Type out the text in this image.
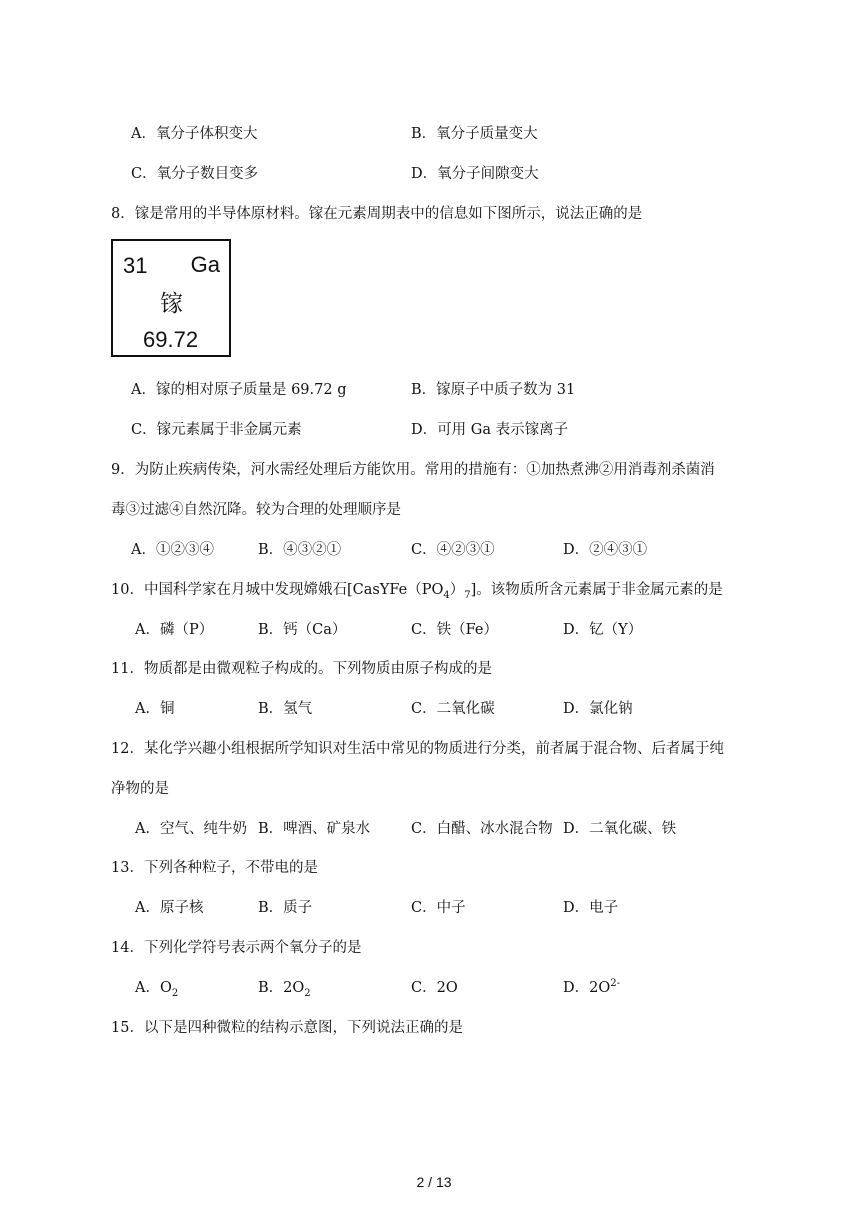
A．氧分子体积变大	B．氧分子质量变大
C．氧分子数目变多	D．氧分子间隙变大
8．镓是常用的半导体原材料。镓在元素周期表中的信息如下图所示，说法正确的是
31 Ga
镓
69.72
A．镓的相对原子质量是 69.72 g	B．镓原子中质子数为 31
C．镓元素属于非金属元素	D．可用 Ga 表示镓离子
9．为防止疾病传染，河水需经处理后方能饮用。常用的措施有：①加热煮沸②用消毒剂杀菌消
毒③过滤④自然沉降。较为合理的处理顺序是
A．①②③④	B．④③②①	C．④②③①	D．②④③①
10．中国科学家在月城中发现嫦娥石$[CasYFe(PO_4)_7]$。该物质所含元素属于非金属元素的是
A．磷（P）	B．钙（Ca）	C．铁（Fe）	D．钇（Y）
11．物质都是由微观粒子构成的。下列物质由原子构成的是
A．铜	B．氢气	C．二氧化碳	D．氯化钠
12．某化学兴趣小组根据所学知识对生活中常见的物质进行分类，前者属于混合物、后者属于纯
净物的是
A．空气、纯牛奶 B．啤酒、矿泉水	C．白醋、冰水混合物 D．二氧化碳、铁
13．下列各种粒子，不带电的是
A．原子核	B．质子	C．中子	D．电子
14．下列化学符号表示两个氧分子的是
A．$O_2$	B．$2O_2$	C．2O	D．$2O^{2-}$
15．以下是四种微粒的结构示意图，下列说法正确的是
2 / 13
